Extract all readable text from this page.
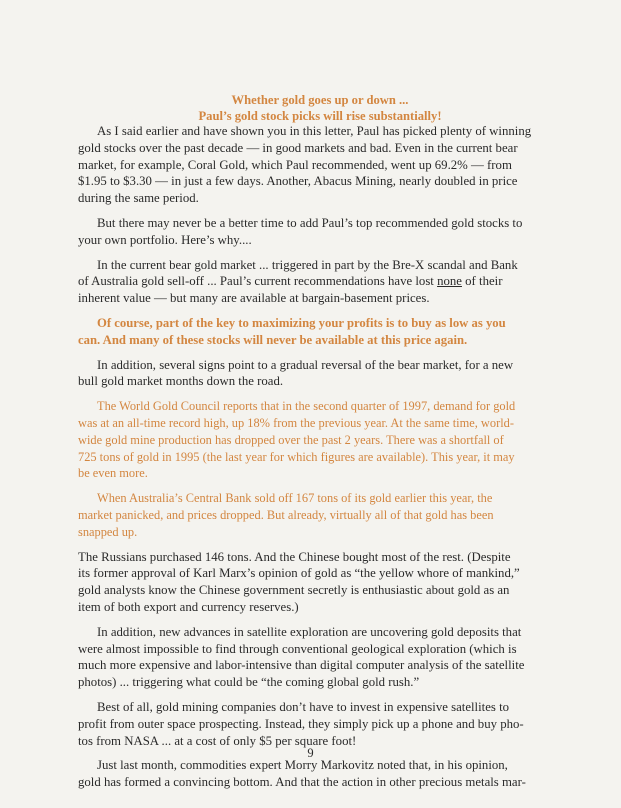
Whether gold goes up or down ...
Paul’s gold stock picks will rise substantially!
As I said earlier and have shown you in this letter, Paul has picked plenty of winning
gold stocks over the past decade — in good markets and bad. Even in the current bear
market, for example, Coral Gold, which Paul recommended, went up 69.2% — from
$1.95 to $3.30 — in just a few days. Another, Abacus Mining, nearly doubled in price
during the same period.
But there may never be a better time to add Paul’s top recommended gold stocks to
your own portfolio. Here’s why....
In the current bear gold market ... triggered in part by the Bre-X scandal and Bank
of Australia gold sell-off ... Paul’s current recommendations have lost none of their
inherent value — but many are available at bargain-basement prices.
Of course, part of the key to maximizing your profits is to buy as low as you
can. And many of these stocks will never be available at this price again.
In addition, several signs point to a gradual reversal of the bear market, for a new
bull gold market months down the road.
The World Gold Council reports that in the second quarter of 1997, demand for gold
was at an all-time record high, up 18% from the previous year. At the same time, world-
wide gold mine production has dropped over the past 2 years. There was a shortfall of
725 tons of gold in 1995 (the last year for which figures are available). This year, it may
be even more.
When Australia’s Central Bank sold off 167 tons of its gold earlier this year, the
market panicked, and prices dropped. But already, virtually all of that gold has been
snapped up.
The Russians purchased 146 tons. And the Chinese bought most of the rest. (Despite
its former approval of Karl Marx’s opinion of gold as “the yellow whore of mankind,”
gold analysts know the Chinese government secretly is enthusiastic about gold as an
item of both export and currency reserves.)
In addition, new advances in satellite exploration are uncovering gold deposits that
were almost impossible to find through conventional geological exploration (which is
much more expensive and labor-intensive than digital computer analysis of the satellite
photos) ... triggering what could be “the coming global gold rush.”
Best of all, gold mining companies don’t have to invest in expensive satellites to
profit from outer space prospecting. Instead, they simply pick up a phone and buy pho-
tos from NASA ... at a cost of only $5 per square foot!
Just last month, commodities expert Morry Markovitz noted that, in his opinion,
gold has formed a convincing bottom. And that the action in other precious metals mar-
9
